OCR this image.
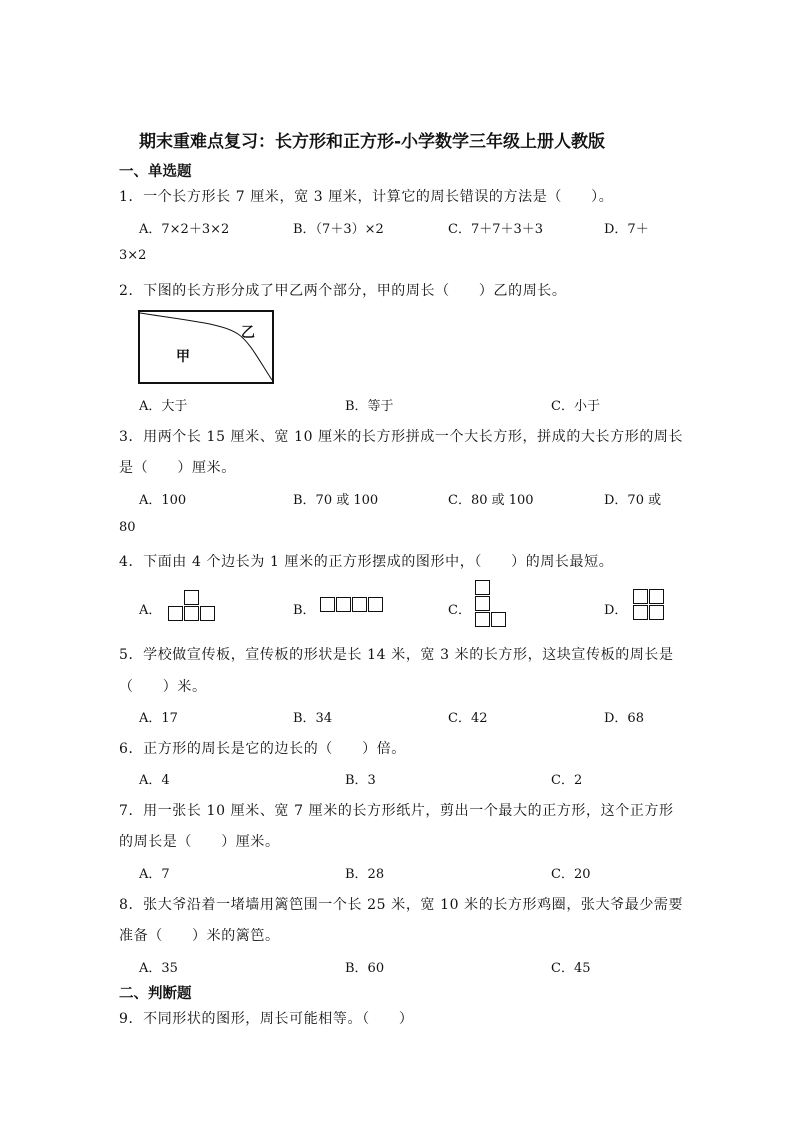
期末重难点复习：长方形和正方形-小学数学三年级上册人教版
一、单选题
1．一个长方形长 7 厘米，宽 3 厘米，计算它的周长错误的方法是（　　）。
A．7×2＋3×2	B．（7＋3）×2	C．7＋7＋3＋3	D．7＋
3×2
2．下图的长方形分成了甲乙两个部分，甲的周长（　　）乙的周长。
甲
乙
A．大于	B．等于	C．小于
3．用两个长 15 厘米、宽 10 厘米的长方形拼成一个大长方形，拼成的大长方形的周长
是（　　）厘米。
A．100	B．70 或 100	C．80 或 100	D．70 或
80
4．下面由 4 个边长为 1 厘米的正方形摆成的图形中，（　　）的周长最短。
A．	B．	C．	D．
5．学校做宣传板，宣传板的形状是长 14 米，宽 3 米的长方形，这块宣传板的周长是
（　　）米。
A．17	B．34	C．42	D．68
6．正方形的周长是它的边长的（　　）倍。
A．4	B．3	C．2
7．用一张长 10 厘米、宽 7 厘米的长方形纸片，剪出一个最大的正方形，这个正方形
的周长是（　　）厘米。
A．7	B．28	C．20
8．张大爷沿着一堵墙用篱笆围一个长 25 米，宽 10 米的长方形鸡圈，张大爷最少需要
准备（　　）米的篱笆。
A．35	B．60	C．45
二、判断题
9．不同形状的图形，周长可能相等。（　　）
